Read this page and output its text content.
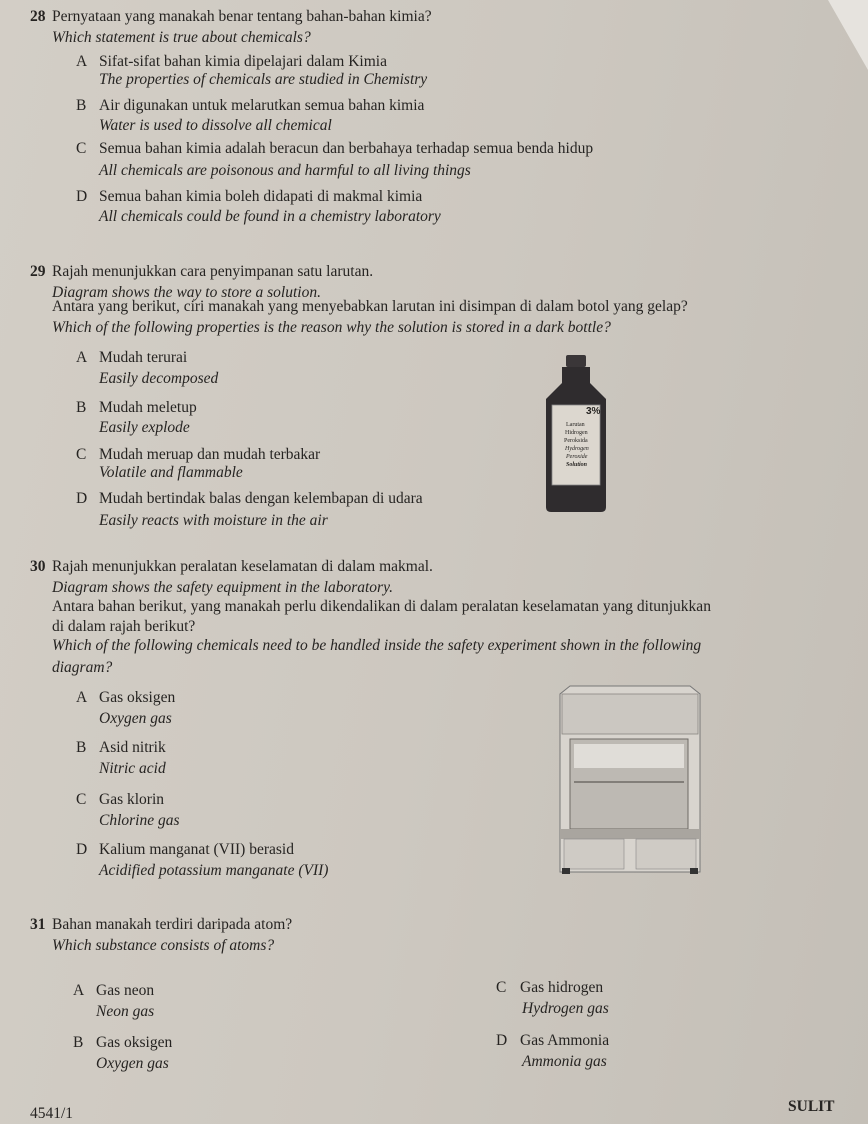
28 Pernyataan yang manakah benar tentang bahan-bahan kimia?
Which statement is true about chemicals?
A Sifat-sifat bahan kimia dipelajari dalam Kimia
The properties of chemicals are studied in Chemistry
B Air digunakan untuk melarutkan semua bahan kimia
Water is used to dissolve all chemical
C Semua bahan kimia adalah beracun dan berbahaya terhadap semua benda hidup
All chemicals are poisonous and harmful to all living things
D Semua bahan kimia boleh didapati di makmal kimia
All chemicals could be found in a chemistry laboratory
29 Rajah menunjukkan cara penyimpanan satu larutan.
Diagram shows the way to store a solution.
Antara yang berikut, ciri manakah yang menyebabkan larutan ini disimpan di dalam botol yang gelap?
Which of the following properties is the reason why the solution is stored in a dark bottle?
A Mudah terurai
Easily decomposed
B Mudah meletup
Easily explode
C Mudah meruap dan mudah terbakar
Volatile and flammable
D Mudah bertindak balas dengan kelembapan di udara
Easily reacts with moisture in the air
3%
Larutan
Hidrogen
Peroksida
Hydrogen
Peroxide
Solution
30 Rajah menunjukkan peralatan keselamatan di dalam makmal.
Diagram shows the safety equipment in the laboratory.
Antara bahan berikut, yang manakah perlu dikendalikan di dalam peralatan keselamatan yang ditunjukkan
di dalam rajah berikut?
Which of the following chemicals need to be handled inside the safety experiment shown in the following
diagram?
A Gas oksigen
Oxygen gas
B Asid nitrik
Nitric acid
C Gas klorin
Chlorine gas
D Kalium manganat (VII) berasid
Acidified potassium manganate (VII)
31 Bahan manakah terdiri daripada atom?
Which substance consists of atoms?
A Gas neon
Neon gas
B Gas oksigen
Oxygen gas
C Gas hidrogen
Hydrogen gas
D Gas Ammonia
Ammonia gas
4541/1	SULIT
